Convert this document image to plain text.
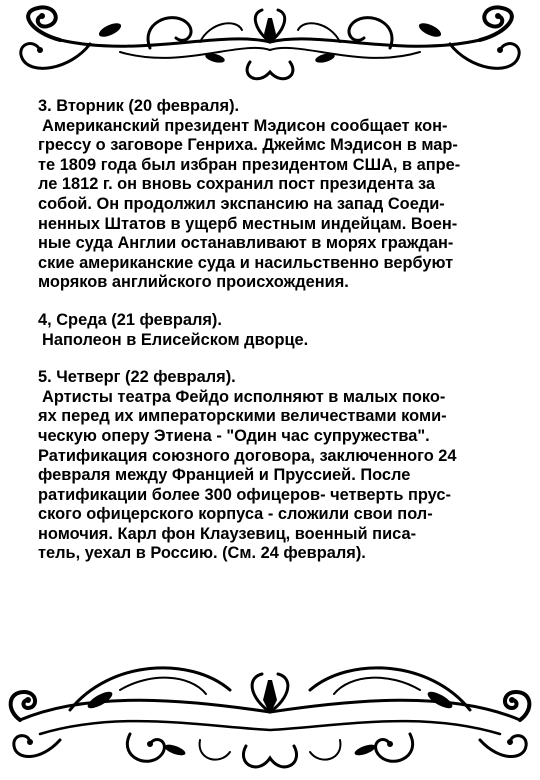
3. Вторник (20 февраля).
Американский президент Мэдисон сообщает кон-
грессу о заговоре Генриха. Джеймс Мэдисон в мар-
те 1809 года был избран президентом США, в апре-
ле 1812 г. он вновь сохранил пост президента за
собой. Он продолжил экспансию на запад Соеди-
ненных Штатов в ущерб местным индейцам. Воен-
ные суда Англии останавливают в морях граждан-
ские американские суда и насильственно вербуют
моряков английского происхождения.
4, Среда (21 февраля).
Наполеон в Елисейском дворце.
5. Четверг (22 февраля).
Артисты театра Фейдо исполняют в малых поко-
ях перед их императорскими величествами коми-
ческую оперу Этиена - "Один час супружества".
Ратификация союзного договора, заключенного 24
февраля между Францией и Пруссией. После
ратификации более 300 офицеров- четверть прус-
ского офицерского корпуса - сложили свои пол-
номочия. Карл фон Клаузевиц, военный писа-
тель, уехал в Россию. (См. 24 февраля).
